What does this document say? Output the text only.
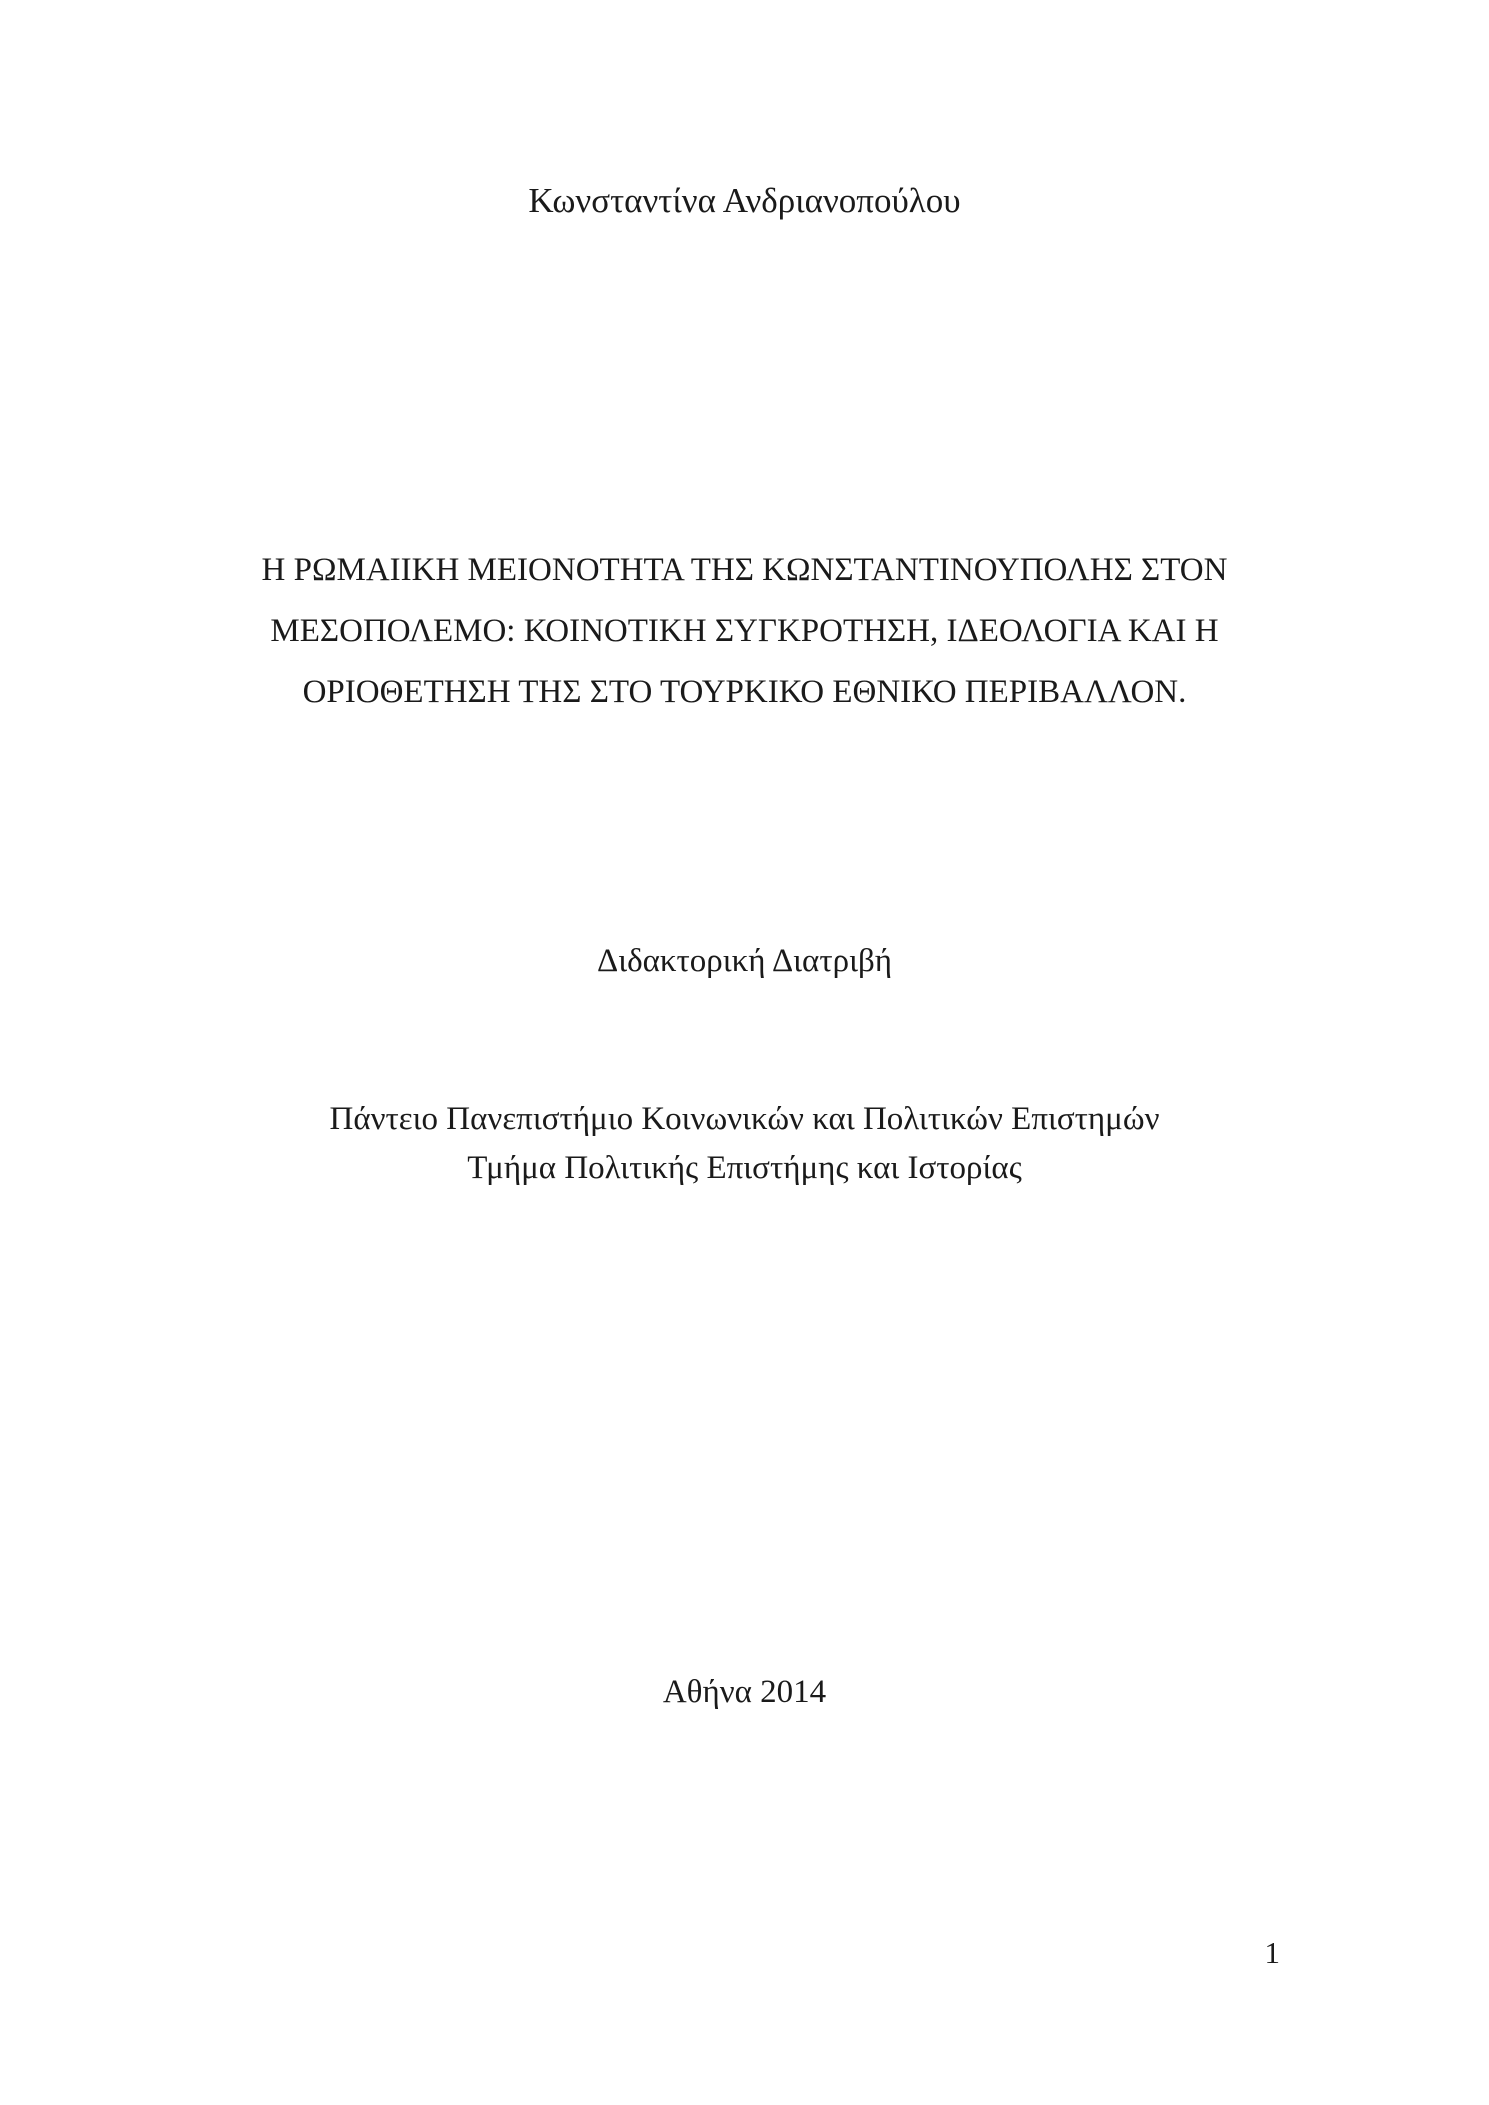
Κωνσταντίνα Ανδριανοπούλου
Η ΡΩΜΑΙΙΚΗ ΜΕΙΟΝΟΤΗΤΑ ΤΗΣ ΚΩΝΣΤΑΝΤΙΝΟΥΠΟΛΗΣ ΣΤΟΝ
ΜΕΣΟΠΟΛΕΜΟ: ΚΟΙΝΟΤΙΚΗ ΣΥΓΚΡΟΤΗΣΗ, ΙΔΕΟΛΟΓΙΑ ΚΑΙ Η
ΟΡΙΟΘΕΤΗΣΗ ΤΗΣ ΣΤΟ ΤΟΥΡΚΙΚΟ ΕΘΝΙΚΟ ΠΕΡΙΒΑΛΛΟΝ.
Διδακτορική Διατριβή
Πάντειο Πανεπιστήμιο Κοινωνικών και Πολιτικών Επιστημών
Τμήμα Πολιτικής Επιστήμης και Ιστορίας
Αθήνα 2014
1
